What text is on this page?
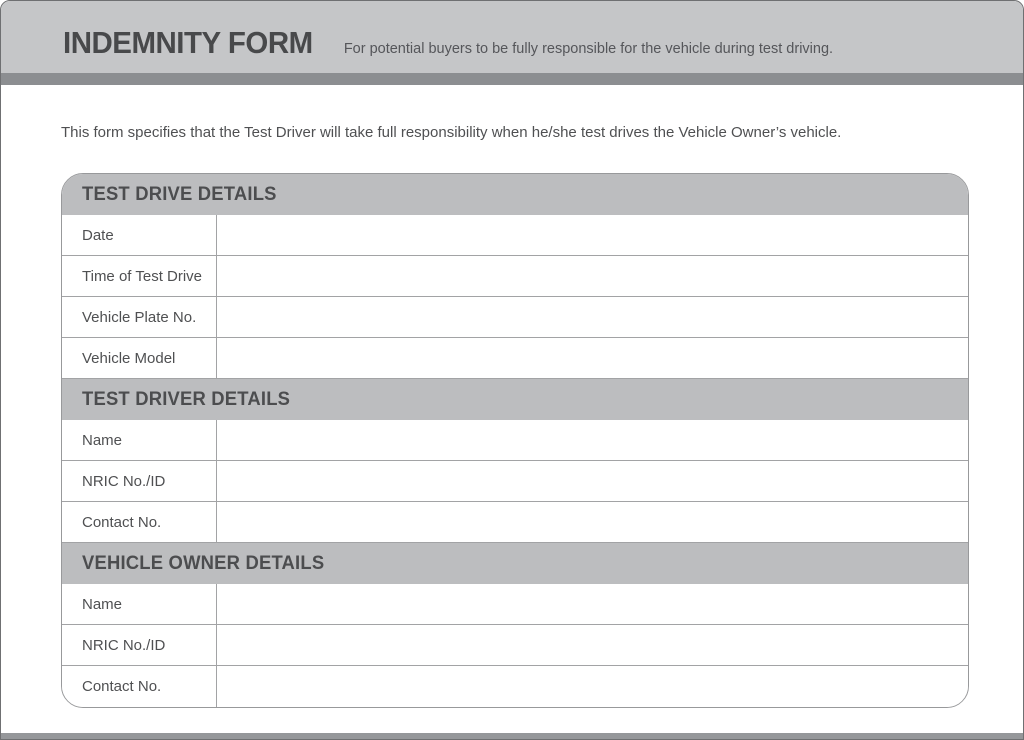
INDEMNITY FORM For potential buyers to be fully responsible for the vehicle during test driving.

This form specifies that the Test Driver will take full responsibility when he/she test drives the Vehicle Owner’s vehicle.

TEST DRIVE DETAILS
Date
Time of Test Drive
Vehicle Plate No.
Vehicle Model
TEST DRIVER DETAILS
Name
NRIC No./ID
Contact No.
VEHICLE OWNER DETAILS
Name
NRIC No./ID
Contact No.
